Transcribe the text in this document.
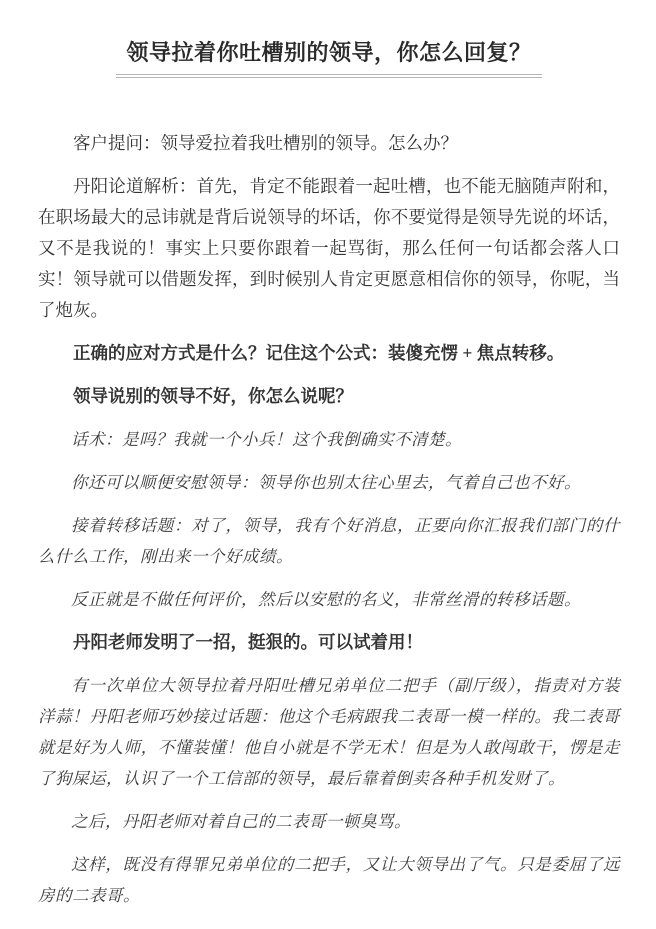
领导拉着你吐槽别的领导，你怎么回复？

客户提问：领导爱拉着我吐槽别的领导。怎么办？

丹阳论道解析：首先，肯定不能跟着一起吐槽，也不能无脑随声附和，在职场最大的忌讳就是背后说领导的坏话，你不要觉得是领导先说的坏话，又不是我说的！事实上只要你跟着一起骂街，那么任何一句话都会落人口实！领导就可以借题发挥，到时候别人肯定更愿意相信你的领导，你呢，当了炮灰。

正确的应对方式是什么？记住这个公式：装傻充愣 + 焦点转移。

领导说别的领导不好，你怎么说呢？

话术：是吗？我就一个小兵！这个我倒确实不清楚。

你还可以顺便安慰领导：领导你也别太往心里去，气着自己也不好。

接着转移话题：对了，领导，我有个好消息，正要向你汇报我们部门的什么什么工作，刚出来一个好成绩。

反正就是不做任何评价，然后以安慰的名义，非常丝滑的转移话题。

丹阳老师发明了一招，挺狠的。可以试着用！

有一次单位大领导拉着丹阳吐槽兄弟单位二把手（副厅级），指责对方装洋蒜！丹阳老师巧妙接过话题：他这个毛病跟我二表哥一模一样的。我二表哥就是好为人师，不懂装懂！他自小就是不学无术！但是为人敢闯敢干，愣是走了狗屎运，认识了一个工信部的领导，最后靠着倒卖各种手机发财了。

之后，丹阳老师对着自己的二表哥一顿臭骂。

这样，既没有得罪兄弟单位的二把手，又让大领导出了气。只是委屈了远房的二表哥。
